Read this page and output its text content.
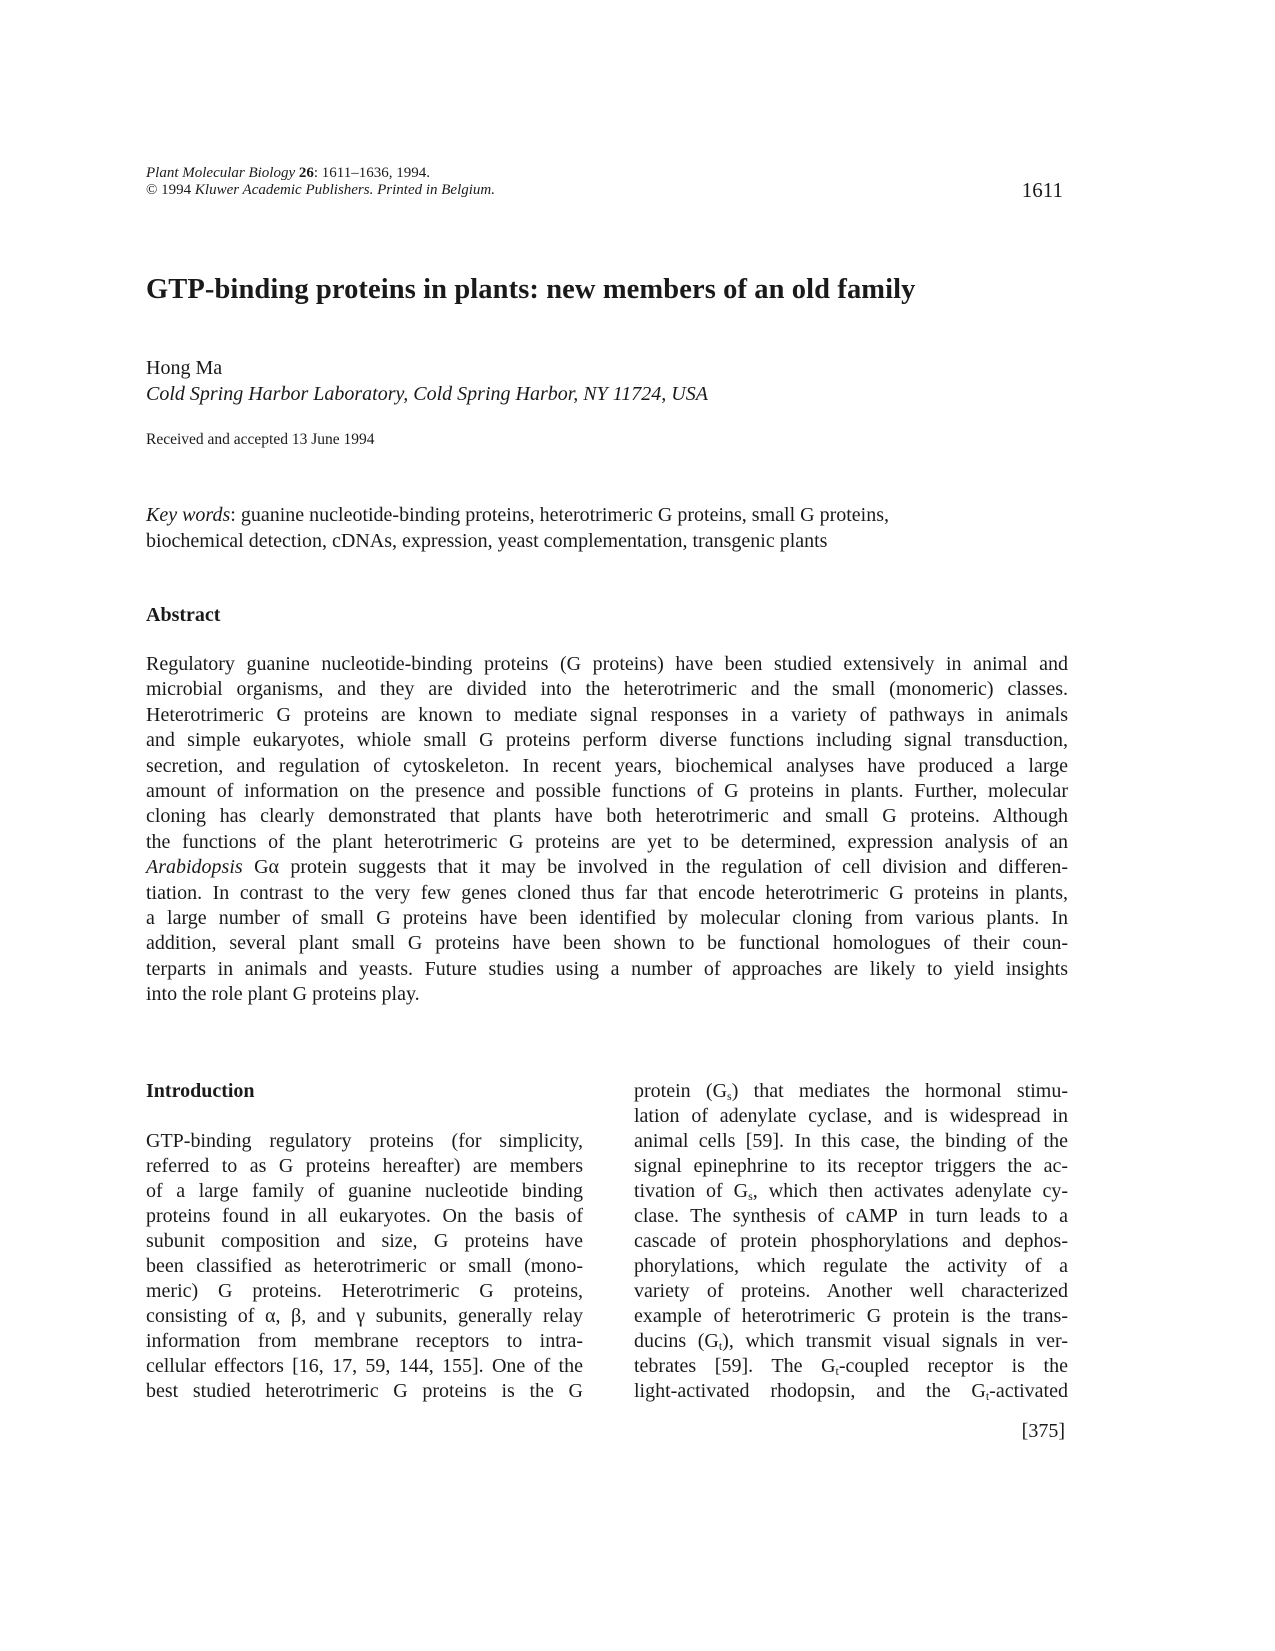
Plant Molecular Biology 26: 1611–1636, 1994.
© 1994 Kluwer Academic Publishers. Printed in Belgium.	1611
GTP-binding proteins in plants: new members of an old family
Hong Ma
Cold Spring Harbor Laboratory, Cold Spring Harbor, NY 11724, USA
Received and accepted 13 June 1994
Key words: guanine nucleotide-binding proteins, heterotrimeric G proteins, small G proteins,
biochemical detection, cDNAs, expression, yeast complementation, transgenic plants
Abstract
Regulatory guanine nucleotide-binding proteins (G proteins) have been studied extensively in animal and
microbial organisms, and they are divided into the heterotrimeric and the small (monomeric) classes.
Heterotrimeric G proteins are known to mediate signal responses in a variety of pathways in animals
and simple eukaryotes, whiole small G proteins perform diverse functions including signal transduction,
secretion, and regulation of cytoskeleton. In recent years, biochemical analyses have produced a large
amount of information on the presence and possible functions of G proteins in plants. Further, molecular
cloning has clearly demonstrated that plants have both heterotrimeric and small G proteins. Although
the functions of the plant heterotrimeric G proteins are yet to be determined, expression analysis of an
Arabidopsis Gα protein suggests that it may be involved in the regulation of cell division and differen-
tiation. In contrast to the very few genes cloned thus far that encode heterotrimeric G proteins in plants,
a large number of small G proteins have been identified by molecular cloning from various plants. In
addition, several plant small G proteins have been shown to be functional homologues of their coun-
terparts in animals and yeasts. Future studies using a number of approaches are likely to yield insights
into the role plant G proteins play.
Introduction
GTP-binding regulatory proteins (for simplicity,
referred to as G proteins hereafter) are members
of a large family of guanine nucleotide binding
proteins found in all eukaryotes. On the basis of
subunit composition and size, G proteins have
been classified as heterotrimeric or small (mono-
meric) G proteins. Heterotrimeric G proteins,
consisting of α, β, and γ subunits, generally relay
information from membrane receptors to intra-
cellular effectors [16, 17, 59, 144, 155]. One of the
best studied heterotrimeric G proteins is the G
protein $(G_s)$ that mediates the hormonal stimu-
lation of adenylate cyclase, and is widespread in
animal cells [59]. In this case, the binding of the
signal epinephrine to its receptor triggers the ac-
tivation of $G_s$, which then activates adenylate cy-
clase. The synthesis of cAMP in turn leads to a
cascade of protein phosphorylations and dephos-
phorylations, which regulate the activity of a
variety of proteins. Another well characterized
example of heterotrimeric G protein is the trans-
ducins $(G_t)$, which transmit visual signals in ver-
tebrates [59]. The $G_t$-coupled receptor is the
light-activated rhodopsin, and the $G_t$-activated
[375]
